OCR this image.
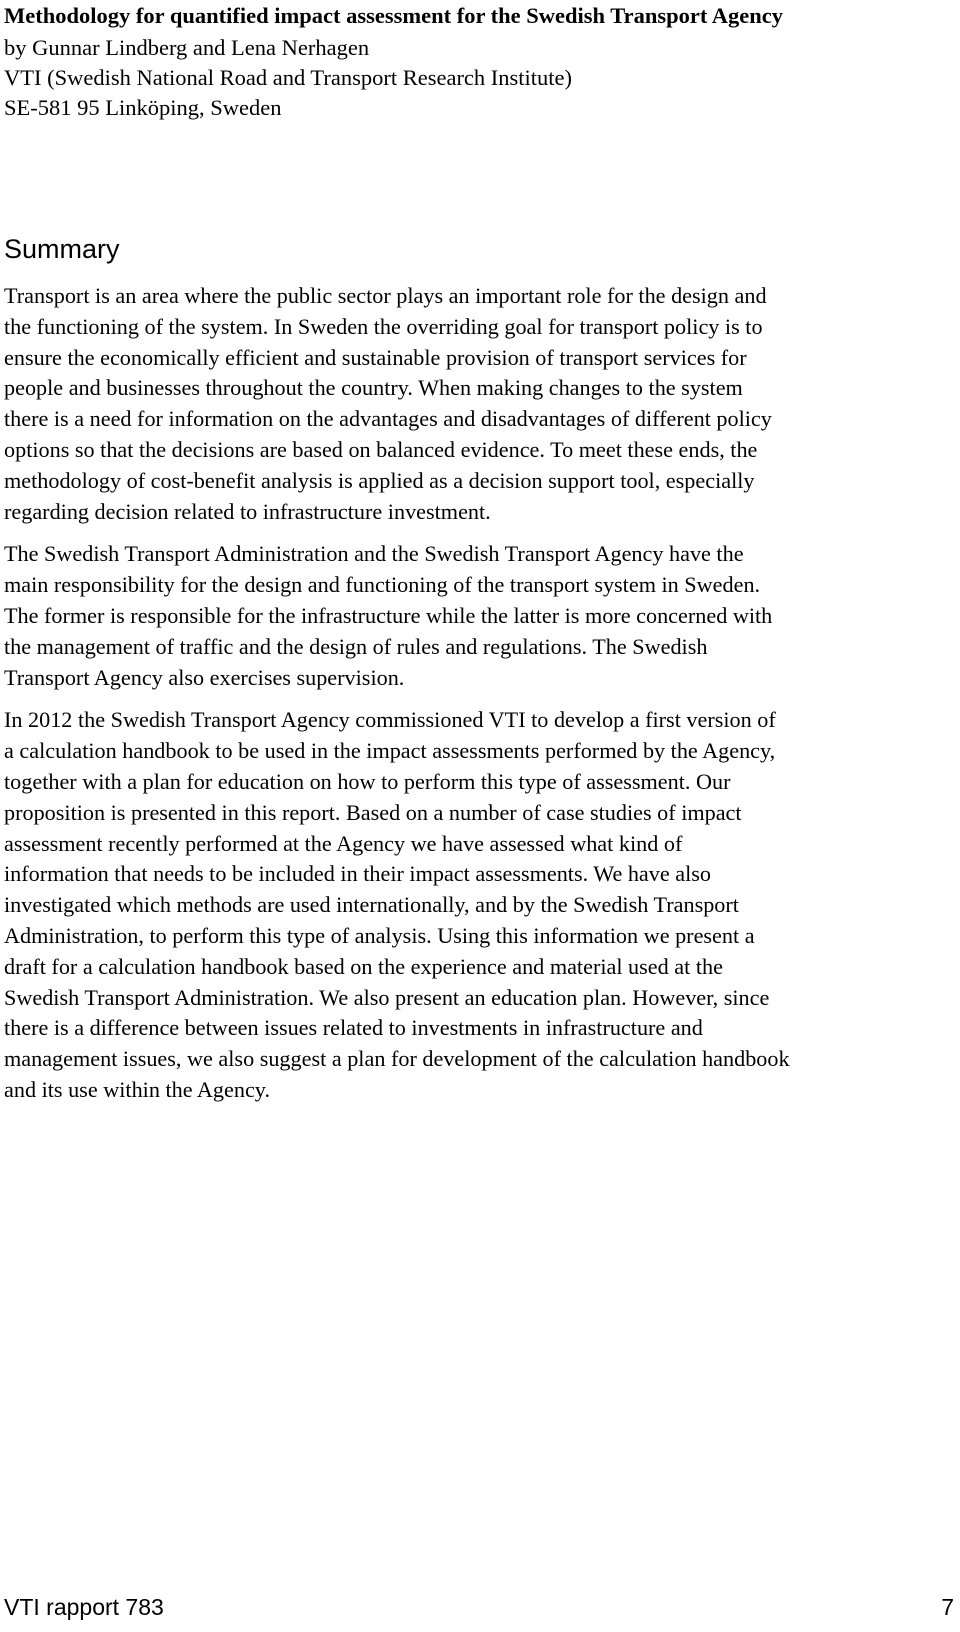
Methodology for quantified impact assessment for the Swedish Transport Agency
by Gunnar Lindberg and Lena Nerhagen
VTI (Swedish National Road and Transport Research Institute)
SE-581 95 Linköping, Sweden
Summary

Transport is an area where the public sector plays an important role for the design and
the functioning of the system. In Sweden the overriding goal for transport policy is to
ensure the economically efficient and sustainable provision of transport services for
people and businesses throughout the country. When making changes to the system
there is a need for information on the advantages and disadvantages of different policy
options so that the decisions are based on balanced evidence. To meet these ends, the
methodology of cost-benefit analysis is applied as a decision support tool, especially
regarding decision related to infrastructure investment.

The Swedish Transport Administration and the Swedish Transport Agency have the
main responsibility for the design and functioning of the transport system in Sweden.
The former is responsible for the infrastructure while the latter is more concerned with
the management of traffic and the design of rules and regulations. The Swedish
Transport Agency also exercises supervision.

In 2012 the Swedish Transport Agency commissioned VTI to develop a first version of
a calculation handbook to be used in the impact assessments performed by the Agency,
together with a plan for education on how to perform this type of assessment. Our
proposition is presented in this report. Based on a number of case studies of impact
assessment recently performed at the Agency we have assessed what kind of
information that needs to be included in their impact assessments. We have also
investigated which methods are used internationally, and by the Swedish Transport
Administration, to perform this type of analysis. Using this information we present a
draft for a calculation handbook based on the experience and material used at the
Swedish Transport Administration. We also present an education plan. However, since
there is a difference between issues related to investments in infrastructure and
management issues, we also suggest a plan for development of the calculation handbook
and its use within the Agency.

VTI rapport 783	7
